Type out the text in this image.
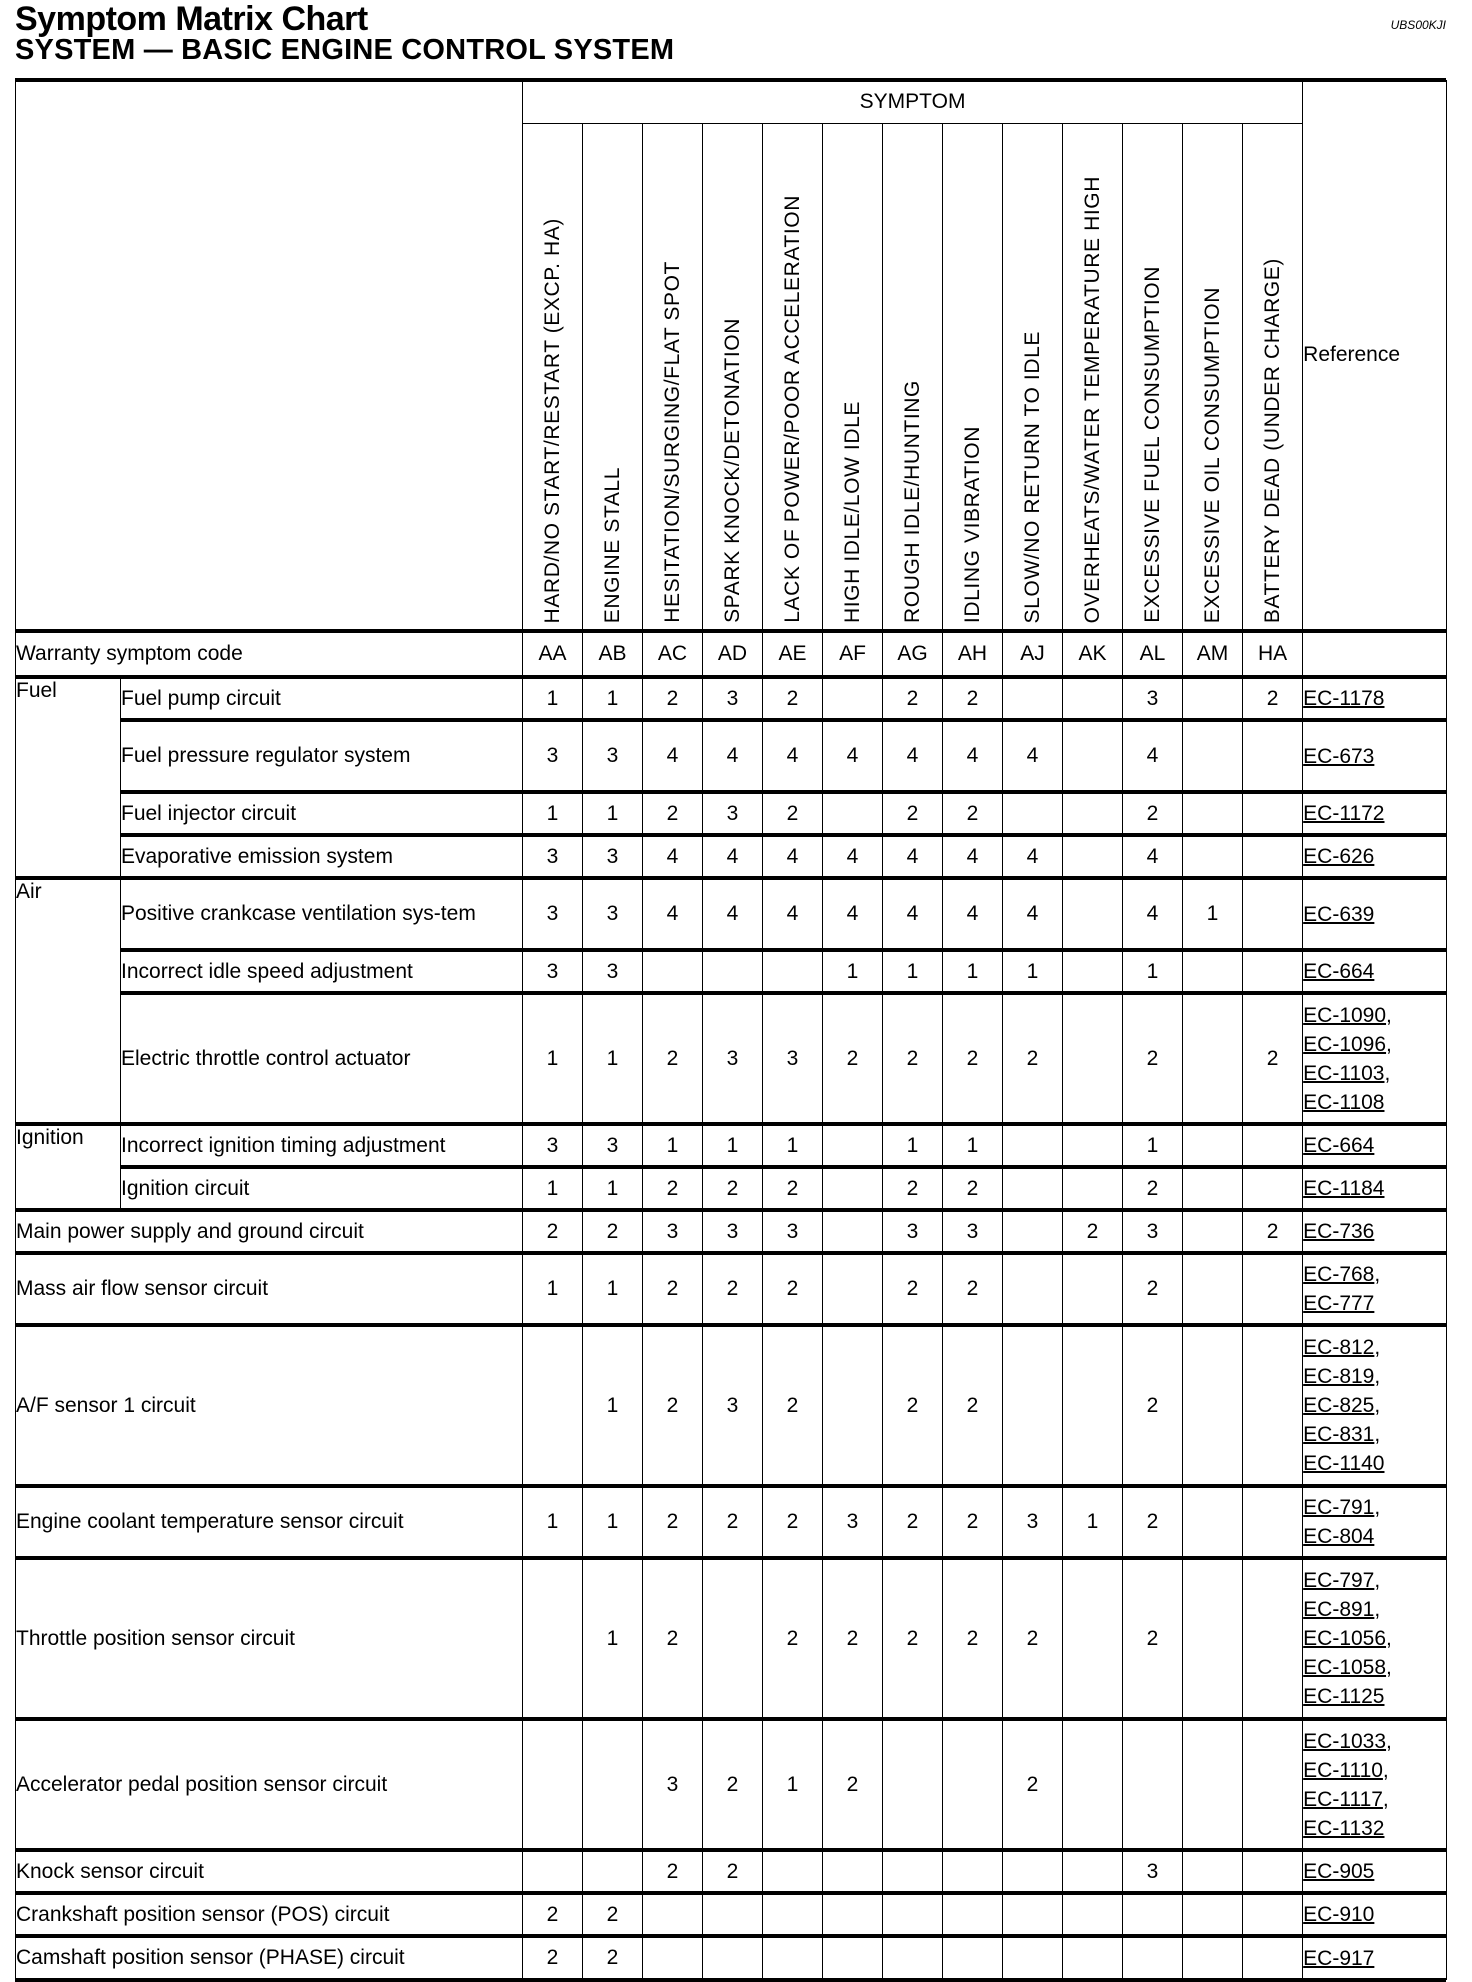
Symptom Matrix Chart
SYSTEM — BASIC ENGINE CONTROL SYSTEM
UBS00KJI
		SYMPTOM													Reference
		HARD/NO START/RESTART (EXCP. HA)	ENGINE STALL	HESITATION/SURGING/FLAT SPOT	SPARK KNOCK/DETONATION	LACK OF POWER/POOR ACCELERATION	HIGH IDLE/LOW IDLE	ROUGH IDLE/HUNTING	IDLING VIBRATION	SLOW/NO RETURN TO IDLE	OVERHEATS/WATER TEMPERATURE HIGH	EXCESSIVE FUEL CONSUMPTION	EXCESSIVE OIL CONSUMPTION	BATTERY DEAD (UNDER CHARGE)	
Warranty symptom code		AA	AB	AC	AD	AE	AF	AG	AH	AJ	AK	AL	AM	HA	
Fuel	Fuel pump circuit	1	1	2	3	2		2	2			3		2	EC-1178
	Fuel pressure regulator system	3	3	4	4	4	4	4	4	4		4			EC-673
	Fuel injector circuit	1	1	2	3	2		2	2			2			EC-1172
	Evaporative emission system	3	3	4	4	4	4	4	4	4		4			EC-626
Air	Positive crankcase ventilation sys-tem	3	3	4	4	4	4	4	4	4		4	1		EC-639
	Incorrect idle speed adjustment	3	3				1	1	1	1		1			EC-664
	Electric throttle control actuator	1	1	2	3	3	2	2	2	2		2		2	EC-1090,
EC-1096,
EC-1103,
EC-1108
Ignition	Incorrect ignition timing adjustment	3	3	1	1	1		1	1			1			EC-664
	Ignition circuit	1	1	2	2	2		2	2			2			EC-1184
Main power supply and ground circuit		2	2	3	3	3		3	3		2	3		2	EC-736
Mass air flow sensor circuit		1	1	2	2	2		2	2			2			EC-768,
EC-777
A/F sensor 1 circuit			1	2	3	2		2	2			2			EC-812,
EC-819,
EC-825,
EC-831,
EC-1140
Engine coolant temperature sensor circuit		1	1	2	2	2	3	2	2	3	1	2			EC-791,
EC-804
Throttle position sensor circuit			1	2		2	2	2	2	2		2			EC-797,
EC-891,
EC-1056,
EC-1058,
EC-1125
Accelerator pedal position sensor circuit				3	2	1	2			2					EC-1033,
EC-1110,
EC-1117,
EC-1132
Knock sensor circuit				2	2							3			EC-905
Crankshaft position sensor (POS) circuit		2	2												EC-910
Camshaft position sensor (PHASE) circuit		2	2												EC-917
